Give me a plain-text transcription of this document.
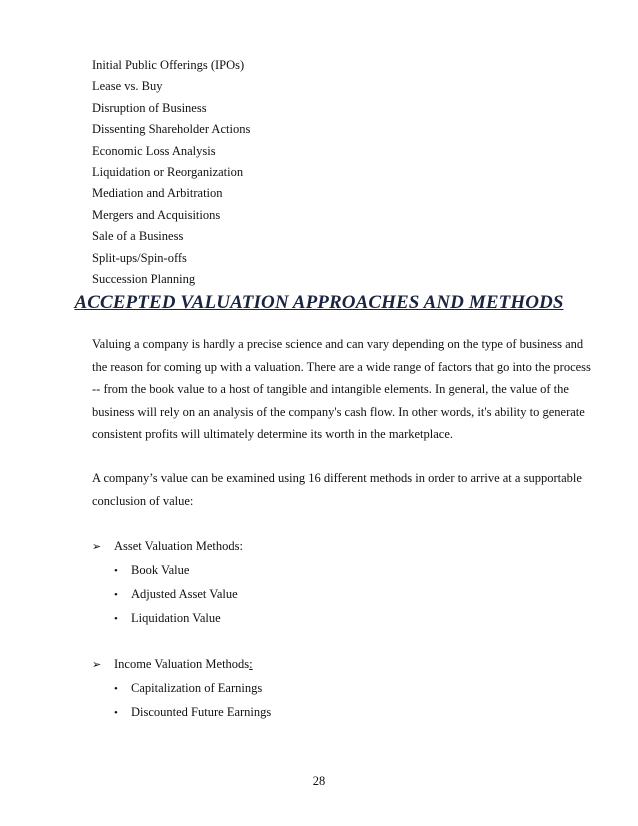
Initial Public Offerings (IPOs)
Lease vs. Buy
Disruption of Business
Dissenting Shareholder Actions
Economic Loss Analysis
Liquidation or Reorganization
Mediation and Arbitration
Mergers and Acquisitions
Sale of a Business
Split-ups/Spin-offs
Succession Planning
ACCEPTED VALUATION APPROACHES AND METHODS

Valuing a company is hardly a precise science and can vary depending on the type of business and the reason for coming up with a valuation. There are a wide range of factors that go into the process -- from the book value to a host of tangible and intangible elements. In general, the value of the business will rely on an analysis of the company's cash flow. In other words, it's ability to generate consistent profits will ultimately determine its worth in the marketplace.

A company’s value can be examined using 16 different methods in order to arrive at a supportable conclusion of value:

➢ Asset Valuation Methods:
• Book Value
• Adjusted Asset Value
• Liquidation Value
➢ Income Valuation Methods:
• Capitalization of Earnings
• Discounted Future Earnings
28
